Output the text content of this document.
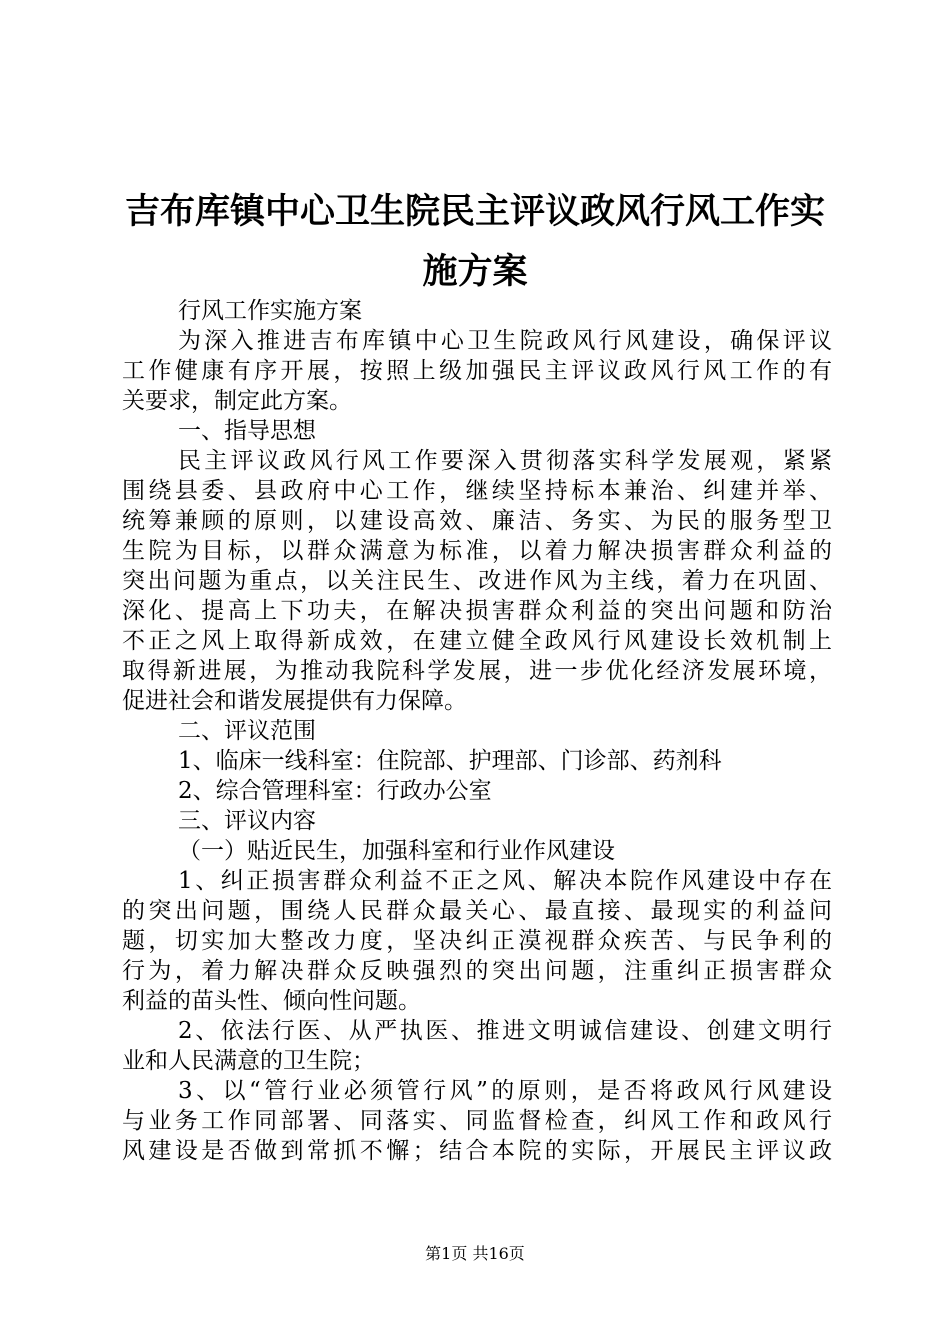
吉布库镇中心卫生院民主评议政风行风工作实
施方案
行风工作实施方案
为深入推进吉布库镇中心卫生院政风行风建设，确保评议
工作健康有序开展，按照上级加强民主评议政风行风工作的有
关要求，制定此方案。
一、指导思想
民主评议政风行风工作要深入贯彻落实科学发展观，紧紧
围绕县委、县政府中心工作，继续坚持标本兼治、纠建并举、
统筹兼顾的原则，以建设高效、廉洁、务实、为民的服务型卫
生院为目标，以群众满意为标准，以着力解决损害群众利益的
突出问题为重点，以关注民生、改进作风为主线，着力在巩固、
深化、提高上下功夫，在解决损害群众利益的突出问题和防治
不正之风上取得新成效，在建立健全政风行风建设长效机制上
取得新进展，为推动我院科学发展，进一步优化经济发展环境，
促进社会和谐发展提供有力保障。
二、评议范围
1、临床一线科室：住院部、护理部、门诊部、药剂科
2、综合管理科室：行政办公室
三、评议内容
（一）贴近民生，加强科室和行业作风建设
1、纠正损害群众利益不正之风、解决本院作风建设中存在
的突出问题，围绕人民群众最关心、最直接、最现实的利益问
题，切实加大整改力度，坚决纠正漠视群众疾苦、与民争利的
行为，着力解决群众反映强烈的突出问题，注重纠正损害群众
利益的苗头性、倾向性问题。
2、依法行医、从严执医、推进文明诚信建设、创建文明行
业和人民满意的卫生院；
3、以“管行业必须管行风”的原则，是否将政风行风建设
与业务工作同部署、同落实、同监督检查，纠风工作和政风行
风建设是否做到常抓不懈；结合本院的实际，开展民主评议政
第1页 共16页
